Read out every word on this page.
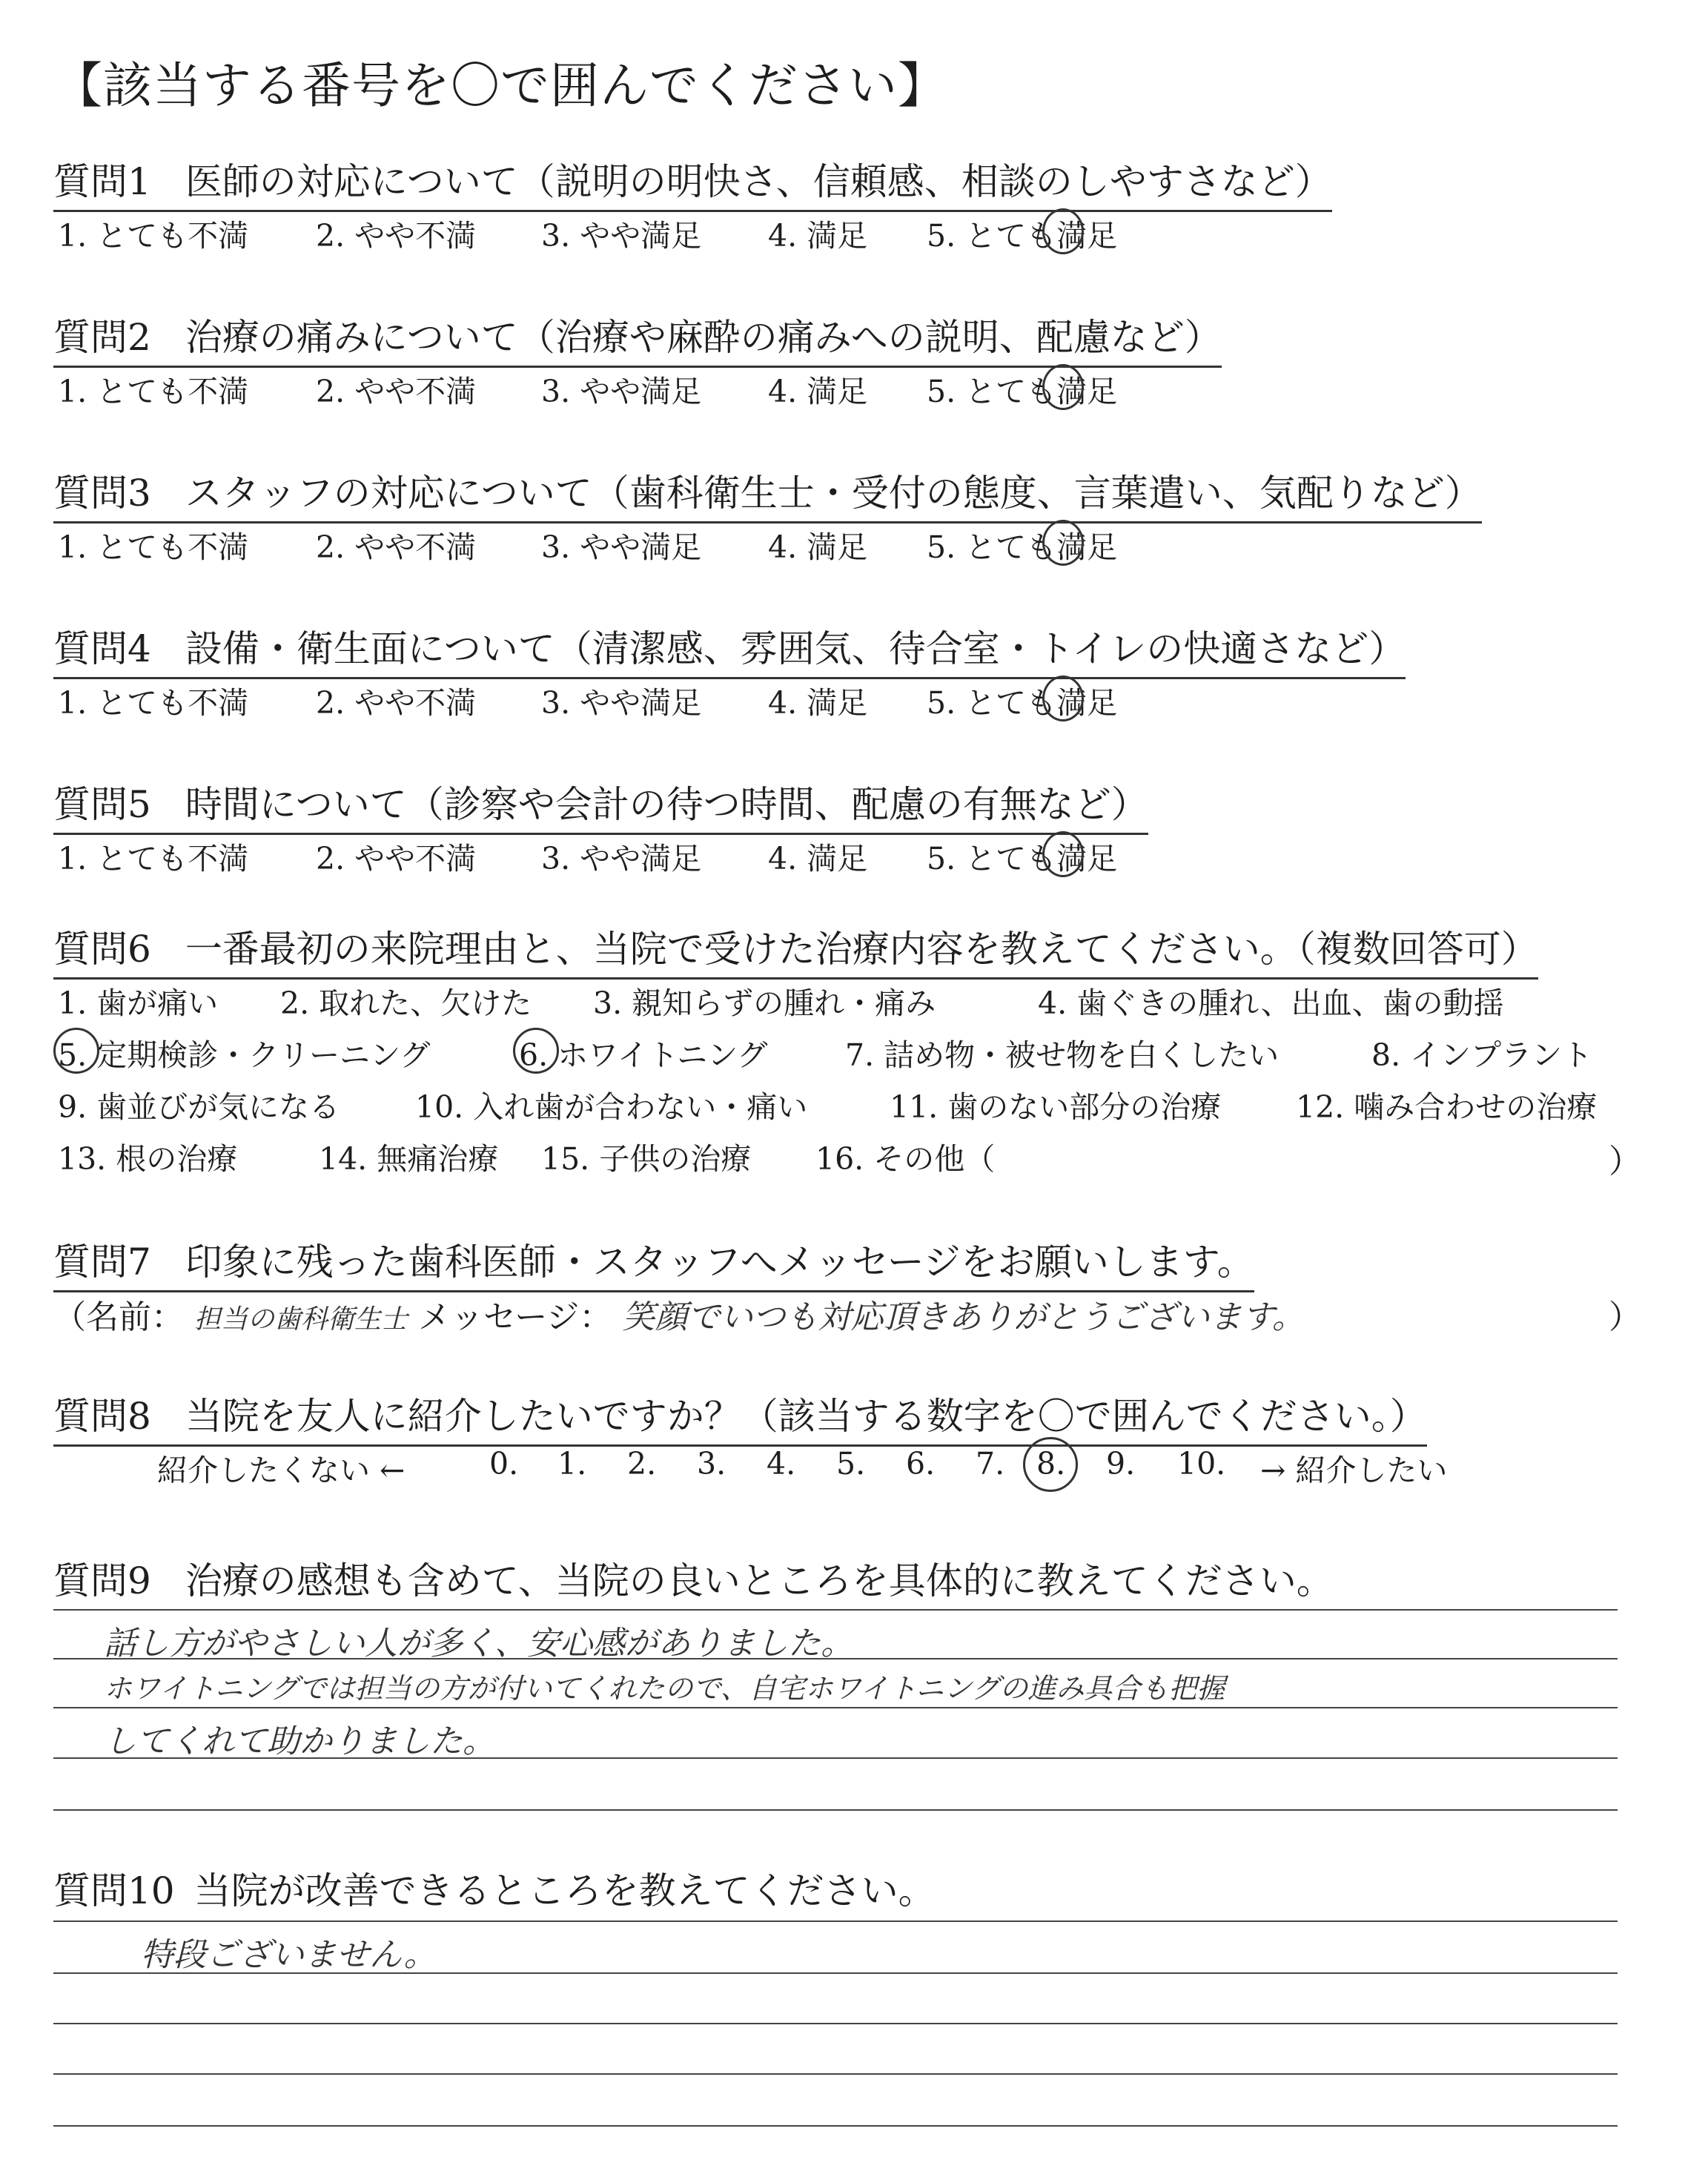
【該当する番号を〇で囲んでください】
質問1 医師の対応について（説明の明快さ、信頼感、相談のしやすさなど）
1. とても不満 2. やや不満 3. やや満足 4. 満足 5. とても満足
質問2 治療の痛みについて（治療や麻酔の痛みへの説明、配慮など）
1. とても不満 2. やや不満 3. やや満足 4. 満足 5. とても満足
質問3 スタッフの対応について（歯科衛生士・受付の態度、言葉遣い、気配りなど）
1. とても不満 2. やや不満 3. やや満足 4. 満足 5. とても満足
質問4 設備・衛生面について（清潔感、雰囲気、待合室・トイレの快適さなど）
1. とても不満 2. やや不満 3. やや満足 4. 満足 5. とても満足
質問5 時間について（診察や会計の待つ時間、配慮の有無など）
1. とても不満 2. やや不満 3. やや満足 4. 満足 5. とても満足
質問6 一番最初の来院理由と、当院で受けた治療内容を教えてください。（複数回答可）
1. 歯が痛い 2. 取れた、欠けた 3. 親知らずの腫れ・痛み	4. 歯ぐきの腫れ、出血、歯の動揺
5. 定期検診・クリーニング	6. ホワイトニング	7. 詰め物・被せ物を白くしたい	8. インプラント
9. 歯並びが気になる 10. 入れ歯が合わない・痛い	11. 歯のない部分の治療 12. 噛み合わせの治療
13. 根の治療	14. 無痛治療 15. 子供の治療 16. その他（	）
質問7 印象に残った歯科医師・スタッフへメッセージをお願いします。
（名前： 担当の歯科衛生士 メッセージ： 笑顔でいつも対応頂きありがとうございます。	）
質問8 当院を友人に紹介したいですか？（該当する数字を〇で囲んでください。）
紹介したくない ←	0. 1. 2. 3. 4. 5. 6. 7. 8. 9. 10. → 紹介したい
質問9 治療の感想も含めて、当院の良いところを具体的に教えてください。
話し方がやさしい人が多く、安心感がありました。
ホワイトニングでは担当の方が付いてくれたので、自宅ホワイトニングの進み具合も把握
してくれて助かりました。
質問10 当院が改善できるところを教えてください。
特段ございません。
